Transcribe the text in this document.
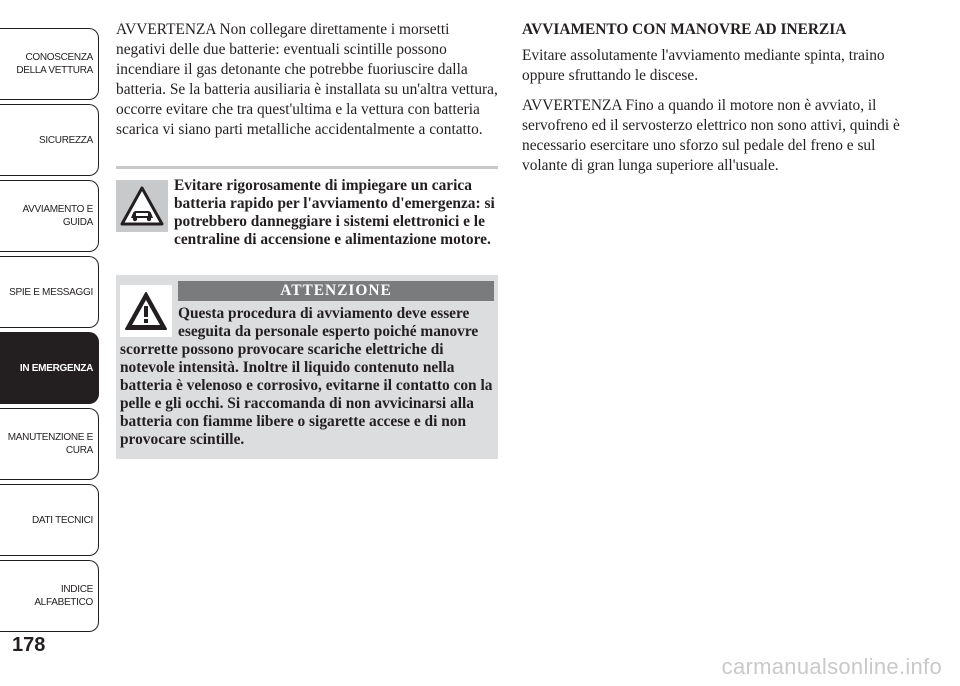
CONOSCENZA
DELLA VETTURA
SICUREZZA
AVVIAMENTO E
GUIDA
SPIE E MESSAGGI
IN EMERGENZA
MANUTENZIONE E
CURA
DATI TECNICI
INDICE
ALFABETICO
178

AVVERTENZA Non collegare direttamente i morsetti negativi delle due batterie: eventuali scintille possono incendiare il gas detonante che potrebbe fuoriuscire dalla batteria. Se la batteria ausiliaria è installata su un'altra vettura, occorre evitare che tra quest'ultima e la vettura con batteria scarica vi siano parti metalliche accidentalmente a contatto.

Evitare rigorosamente di impiegare un carica batteria rapido per l'avviamento d'emergenza: si potrebbero danneggiare i sistemi elettronici e le centraline di accensione e alimentazione motore.
ATTENZIONE
Questa procedura di avviamento deve essere eseguita da personale esperto poiché manovre scorrette possono provocare scariche elettriche di notevole intensità. Inoltre il liquido contenuto nella batteria è velenoso e corrosivo, evitarne il contatto con la pelle e gli occhi. Si raccomanda di non avvicinarsi alla batteria con fiamme libere o sigarette accese e di non provocare scintille.
AVVIAMENTO CON MANOVRE AD INERZIA

Evitare assolutamente l'avviamento mediante spinta, traino oppure sfruttando le discese.

AVVERTENZA Fino a quando il motore non è avviato, il servofreno ed il servosterzo elettrico non sono attivi, quindi è necessario esercitare uno sforzo sul pedale del freno e sul volante di gran lunga superiore all'usuale.

carmanualsonline.info
